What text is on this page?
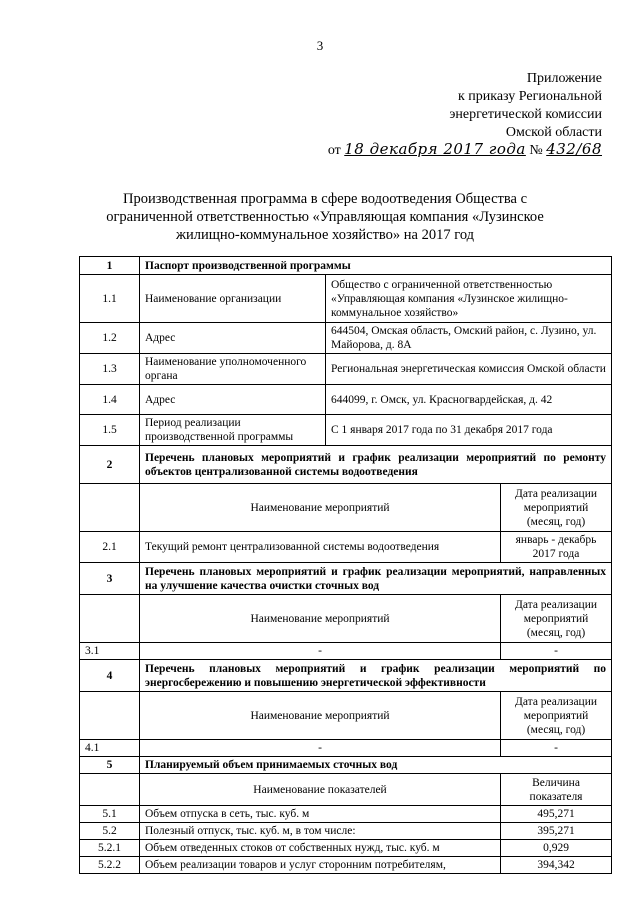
3
Приложение
к приказу Региональной
энергетической комиссии
Омской области
от 18 декабря 2017 года № 432/68
Производственная программа в сфере водоотведения Общества с ограниченной ответственностью «Управляющая компания «Лузинское жилищно-коммунальное хозяйство» на 2017 год
1	Паспорт производственной программы		
1.1	Наименование организации	Общество с ограниченной ответственностью «Управляющая компания «Лузинское жилищно-коммунальное хозяйство»	
1.2	Адрес	644504, Омская область, Омский район, с. Лузино, ул. Майорова, д. 8А	
1.3	Наименование уполномоченного органа	Региональная энергетическая комиссия Омской области	
1.4	Адрес	644099, г. Омск, ул. Красногвардейская, д. 42	
1.5	Период реализации производственной программы	С 1 января 2017 года по 31 декабря 2017 года	
2	Перечень плановых мероприятий и график реализации мероприятий по ремонту объектов централизованной системы водоотведения		
	Наименование мероприятий		Дата реализации мероприятий (месяц, год)
2.1	Текущий ремонт централизованной системы водоотведения		январь - декабрь 2017 года
3	Перечень плановых мероприятий и график реализации мероприятий, направленных на улучшение качества очистки сточных вод		
	Наименование мероприятий		Дата реализации мероприятий (месяц, год)
3.1	-		-
4	Перечень плановых мероприятий и график реализации мероприятий по энергосбережению и повышению энергетической эффективности		
	Наименование мероприятий		Дата реализации мероприятий (месяц, год)
4.1	-		-
5	Планируемый объем принимаемых сточных вод		
	Наименование показателей		Величина показателя
5.1	Объем отпуска в сеть, тыс. куб. м		495,271
5.2	Полезный отпуск, тыс. куб. м, в том числе:		395,271
5.2.1	Объем отведенных стоков от собственных нужд, тыс. куб. м		0,929
5.2.2	Объем реализации товаров и услуг сторонним потребителям,		394,342
